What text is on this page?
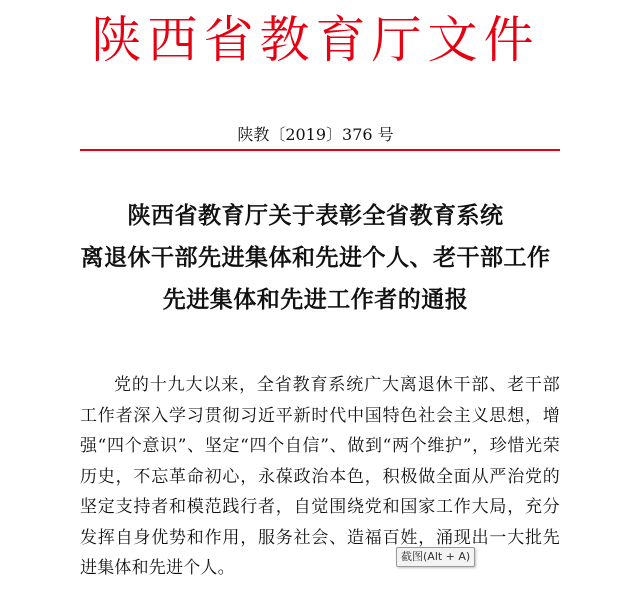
陕西省教育厅文件
陕教〔2019〕376 号
陕西省教育厅关于表彰全省教育系统
离退休干部先进集体和先进个人、老干部工作
先进集体和先进工作者的通报
党的十九大以来，全省教育系统广大离退休干部、老干部工作者深入学习贯彻习近平新时代中国特色社会主义思想，增强“四个意识”、坚定“四个自信”、做到“两个维护”，珍惜光荣历史，不忘革命初心，永葆政治本色，积极做全面从严治党的坚定支持者和模范践行者，自觉围绕党和国家工作大局，充分发挥自身优势和作用，服务社会、造福百姓，涌现出一大批先进集体和先进个人。
截图(Alt + A)
